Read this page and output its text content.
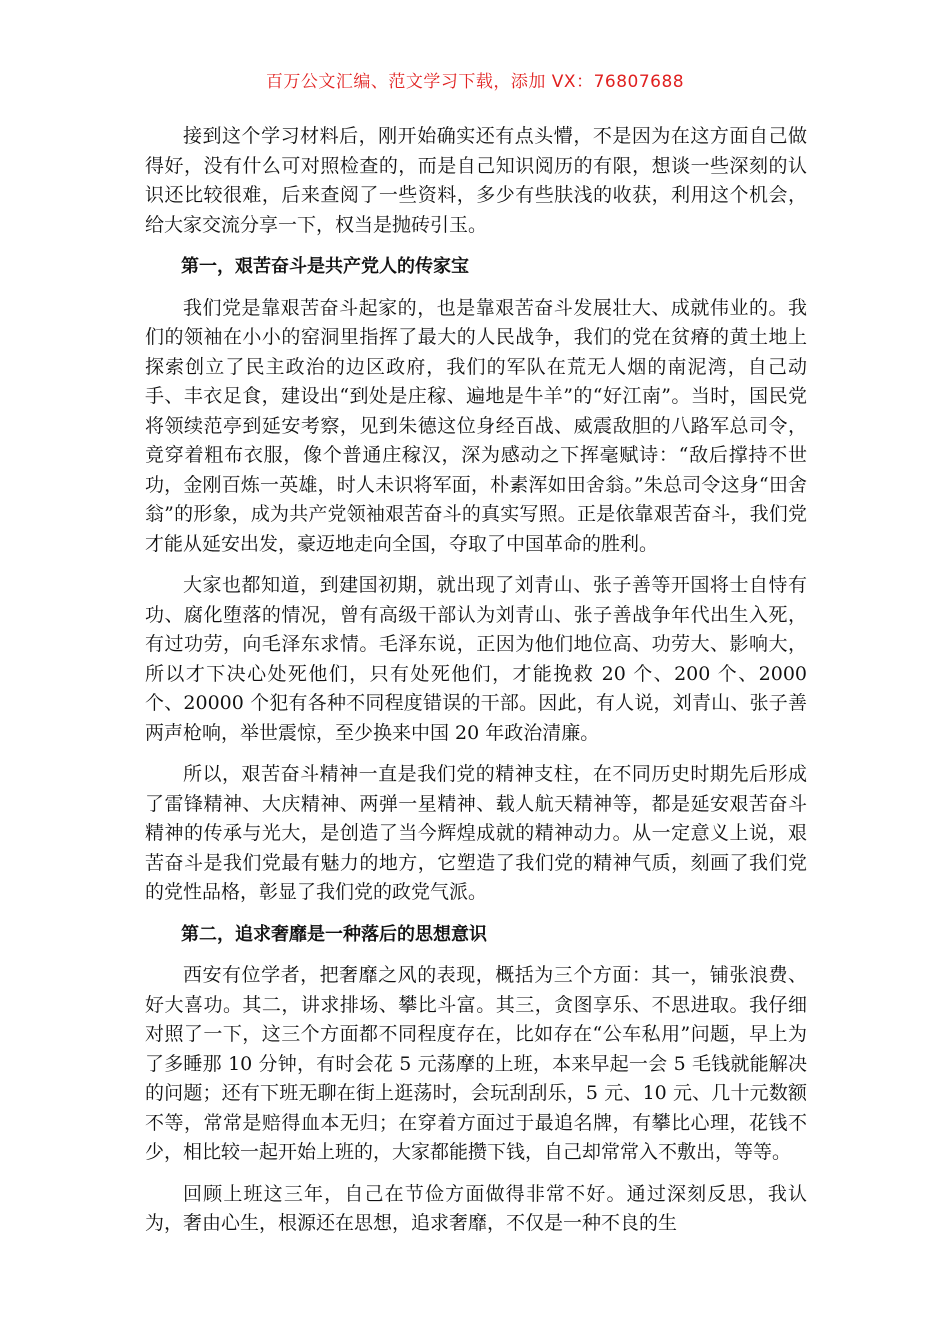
百万公文汇编、范文学习下载，添加 VX：76807688

接到这个学习材料后，刚开始确实还有点头懵，不是因为在这方面自己做得好，没有什么可对照检查的，而是自己知识阅历的有限，想谈一些深刻的认识还比较很难，后来查阅了一些资料，多少有些肤浅的收获，利用这个机会，给大家交流分享一下，权当是抛砖引玉。

第一，艰苦奋斗是共产党人的传家宝

我们党是靠艰苦奋斗起家的，也是靠艰苦奋斗发展壮大、成就伟业的。我们的领袖在小小的窑洞里指挥了最大的人民战争，我们的党在贫瘠的黄土地上探索创立了民主政治的边区政府，我们的军队在荒无人烟的南泥湾，自己动手、丰衣足食，建设出“到处是庄稼、遍地是牛羊”的“好江南”。当时，国民党将领续范亭到延安考察，见到朱德这位身经百战、威震敌胆的八路军总司令，竟穿着粗布衣服，像个普通庄稼汉，深为感动之下挥毫赋诗：“敌后撑持不世功，金刚百炼一英雄，时人未识将军面，朴素浑如田舍翁。”朱总司令这身“田舍翁”的形象，成为共产党领袖艰苦奋斗的真实写照。正是依靠艰苦奋斗，我们党才能从延安出发，豪迈地走向全国，夺取了中国革命的胜利。

大家也都知道，到建国初期，就出现了刘青山、张子善等开国将士自恃有功、腐化堕落的情况，曾有高级干部认为刘青山、张子善战争年代出生入死，有过功劳，向毛泽东求情。毛泽东说，正因为他们地位高、功劳大、影响大，所以才下决心处死他们，只有处死他们，才能挽救 20 个、200 个、2000 个、20000 个犯有各种不同程度错误的干部。因此，有人说，刘青山、张子善两声枪响，举世震惊，至少换来中国 20 年政治清廉。

所以，艰苦奋斗精神一直是我们党的精神支柱，在不同历史时期先后形成了雷锋精神、大庆精神、两弹一星精神、载人航天精神等，都是延安艰苦奋斗精神的传承与光大，是创造了当今辉煌成就的精神动力。从一定意义上说，艰苦奋斗是我们党最有魅力的地方，它塑造了我们党的精神气质，刻画了我们党的党性品格，彰显了我们党的政党气派。

第二，追求奢靡是一种落后的思想意识

西安有位学者，把奢靡之风的表现，概括为三个方面：其一，铺张浪费、好大喜功。其二，讲求排场、攀比斗富。其三，贪图享乐、不思进取。我仔细对照了一下，这三个方面都不同程度存在，比如存在“公车私用”问题，早上为了多睡那 10 分钟，有时会花 5 元荡摩的上班，本来早起一会 5 毛钱就能解决的问题；还有下班无聊在街上逛荡时，会玩刮刮乐，5 元、10 元、几十元数额不等，常常是赔得血本无归；在穿着方面过于最追名牌，有攀比心理，花钱不少，相比较一起开始上班的，大家都能攒下钱，自己却常常入不敷出，等等。

回顾上班这三年，自己在节俭方面做得非常不好。通过深刻反思，我认为，奢由心生，根源还在思想，追求奢靡，不仅是一种不良的生
